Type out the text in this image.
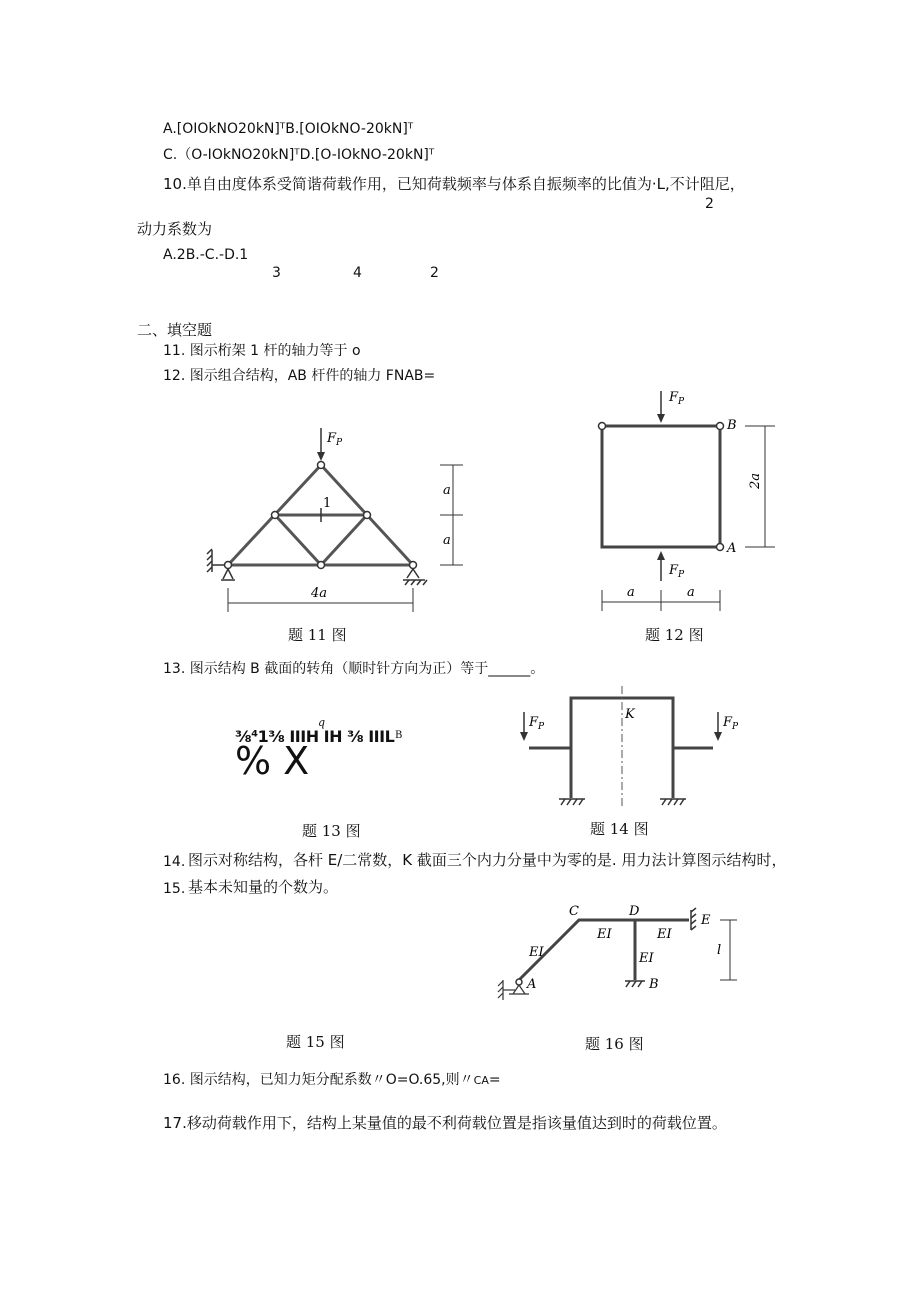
A.[OIOkNO20kN]ᵀB.[OIOkNO-20kN]ᵀ
C.（O-IOkNO20kN]ᵀD.[O-IOkNO-20kN]ᵀ
10.单自由度体系受简谐荷载作用，已知荷载频率与体系自振频率的比值为·L,不计阻尼，
2
动力系数为
A.2B.-C.-D.1
3	4	2
二、填空题
11. 图示桁架 1 杆的轴力等于 o
12. 图示组合结构，AB 杆件的轴力 FNAB=
$F_P$
1
a
a
4a
$F_P$
$F_P$
B
A
2a
a	a
题 11 图	题 12 图
13. 图示结构 B 截面的转角（顺时针方向为正）等于______。
q
⅜⁴1⅜ IIIH IH ⅜ IIIL B
% X
K
$F_P$	$F_P$
题 13 图	题 14 图
14. 图示对称结构，各杆 E/二常数，K 截面三个内力分量中为零的是. 用力法计算图示结构时，
15. 基本未知量的个数为。
C	D
E
A	B
EI
EI	EI
EI
l
题 15 图	题 16 图
16. 图示结构，已知力矩分配系数〃O=O.65,则〃CA=
17.移动荷载作用下，结构上某量值的最不利荷载位置是指该量值达到时的荷载位置。
